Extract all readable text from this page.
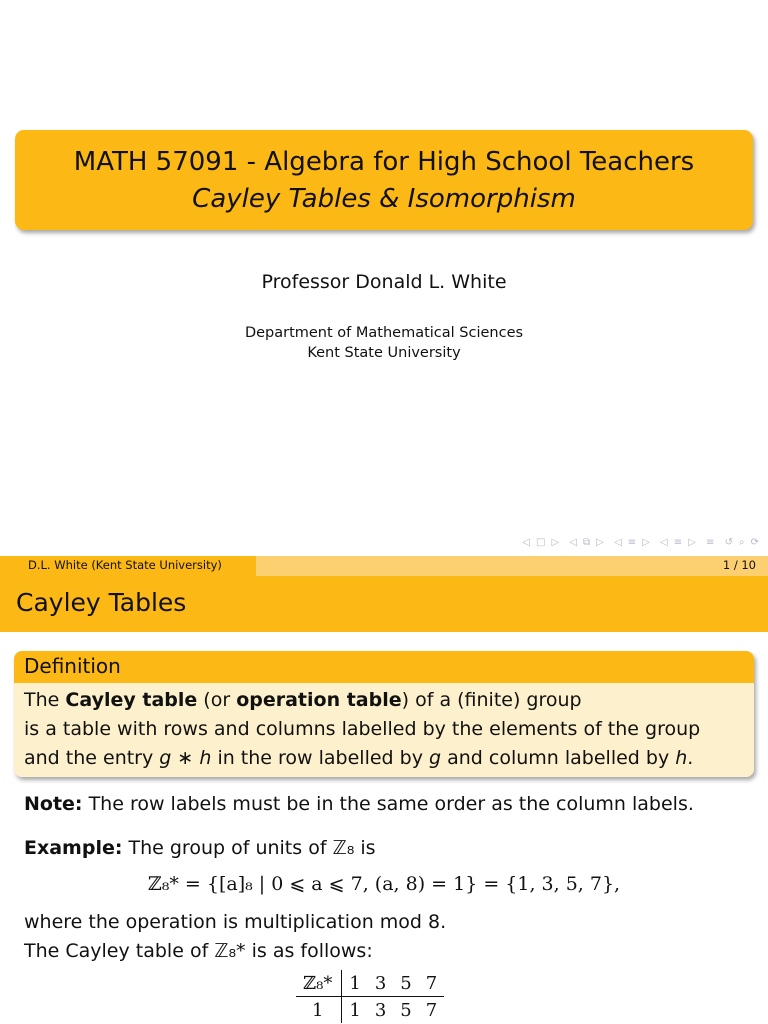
MATH 57091 - Algebra for High School Teachers
Cayley Tables & Isomorphism
Professor Donald L. White
Department of Mathematical Sciences
Kent State University
◁ □ ▷ ◁ ⧉ ▷ ◁ ≡ ▷ ◁ ≡ ▷ ≡ ↺ ⌕ ⟳
D.L. White (Kent State University)	1 / 10
Cayley Tables
Definition
The Cayley table (or operation table) of a (finite) group
is a table with rows and columns labelled by the elements of the group
and the entry g ∗ h in the row labelled by g and column labelled by h.
Note: The row labels must be in the same order as the column labels.
Example: The group of units of ℤ₈ is
ℤ₈* = {[a]₈ | 0 ⩽ a ⩽ 7, (a, 8) = 1} = {1, 3, 5, 7},
where the operation is multiplication mod 8.
The Cayley table of ℤ₈* is as follows:
ℤ₈*	1	3	5	7
1	1	3	5	7
